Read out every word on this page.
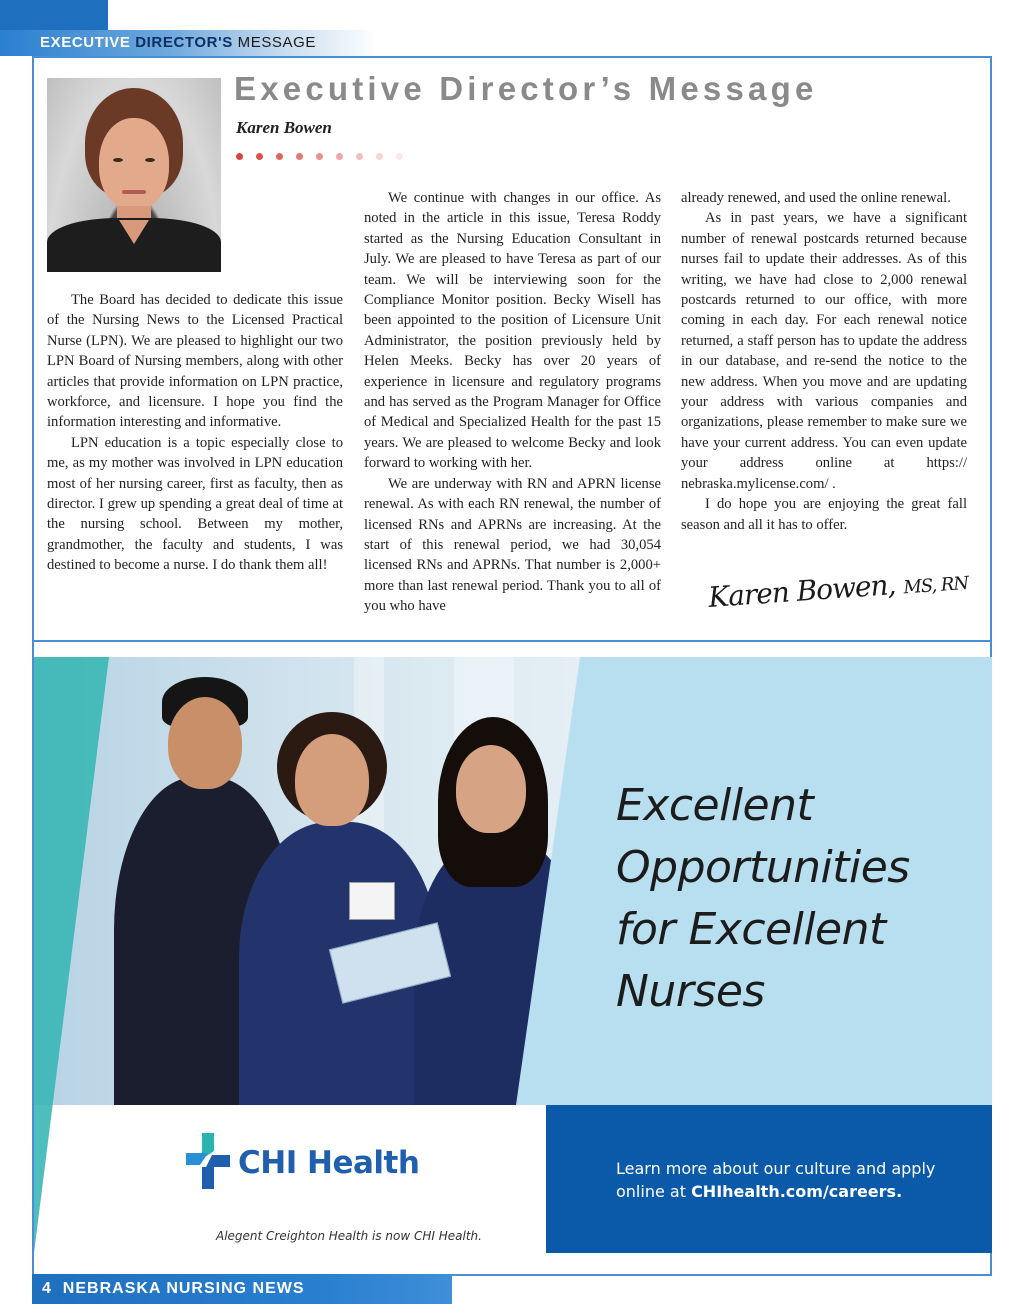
EXECUTIVE DIRECTOR'S MESSAGE
Executive Director’s Message
Karen Bowen

The Board has decided to dedicate this issue of the Nursing News to the Licensed Practical Nurse (LPN). We are pleased to highlight our two LPN Board of Nursing members, along with other articles that provide information on LPN practice, workforce, and licensure. I hope you find the information interesting and informative.

LPN education is a topic especially close to me, as my mother was involved in LPN education most of her nursing career, first as faculty, then as director. I grew up spending a great deal of time at the nursing school. Between my mother, grandmother, the faculty and students, I was destined to become a nurse. I do thank them all!

We continue with changes in our office. As noted in the article in this issue, Teresa Roddy started as the Nursing Education Consultant in July. We are pleased to have Teresa as part of our team. We will be interviewing soon for the Compliance Monitor position. Becky Wisell has been appointed to the position of Licensure Unit Administrator, the position previously held by Helen Meeks. Becky has over 20 years of experience in licensure and regulatory programs and has served as the Program Manager for Office of Medical and Specialized Health for the past 15 years. We are pleased to welcome Becky and look forward to working with her.

We are underway with RN and APRN license renewal. As with each RN renewal, the number of licensed RNs and APRNs are increasing. At the start of this renewal period, we had 30,054 licensed RNs and APRNs. That number is 2,000+ more than last renewal period. Thank you to all of you who have

already renewed, and used the online renewal.

As in past years, we have a significant number of renewal postcards returned because nurses fail to update their addresses. As of this writing, we have had close to 2,000 renewal postcards returned to our office, with more coming in each day. For each renewal notice returned, a staff person has to update the address in our database, and re-send the notice to the new address. When you move and are updating your address with various companies and organizations, please remember to make sure we have your current address. You can even update your address online at https:// nebraska.mylicense.com/ .

I do hope you are enjoying the great fall season and all it has to offer.

Karen Bowen, MS, RN
Excellent
Opportunities
for Excellent
Nurses
CHI Health
Alegent Creighton Health is now CHI Health.
Learn more about our culture and apply
online at CHIhealth.com/careers.
4 NEBRASKA NURSING NEWS
